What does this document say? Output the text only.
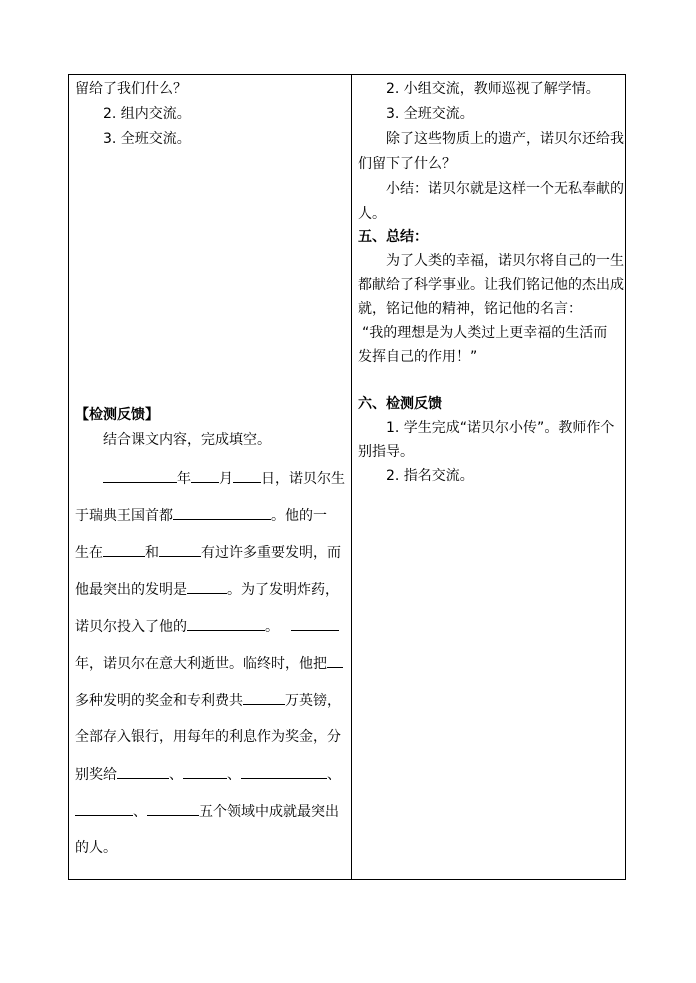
留给了我们什么？
2. 组内交流。
3. 全班交流。
【检测反馈】
结合课文内容，完成填空。
年 月 日，诺贝尔生
于瑞典王国首都	。他的一
生在	和	有过许多重要发明，而
他最突出的发明是	。为了发明炸药，
诺贝尔投入了他的	。
年，诺贝尔在意大利逝世。临终时，他把
多种发明的奖金和专利费共	万英镑，
全部存入银行，用每年的利息作为奖金，分
别奖给	、	、	、
、	五个领域中成就最突出
的人。
2. 小组交流，教师巡视了解学情。
3. 全班交流。
除了这些物质上的遗产，诺贝尔还给我
们留下了什么？
小结：诺贝尔就是这样一个无私奉献的
人。
五、总结：
为了人类的幸福，诺贝尔将自己的一生
都献给了科学事业。让我们铭记他的杰出成
就，铭记他的精神，铭记他的名言：
“我的理想是为人类过上更幸福的生活而
发挥自己的作用！”
六、检测反馈
1. 学生完成“诺贝尔小传”。教师作个
别指导。
2. 指名交流。
